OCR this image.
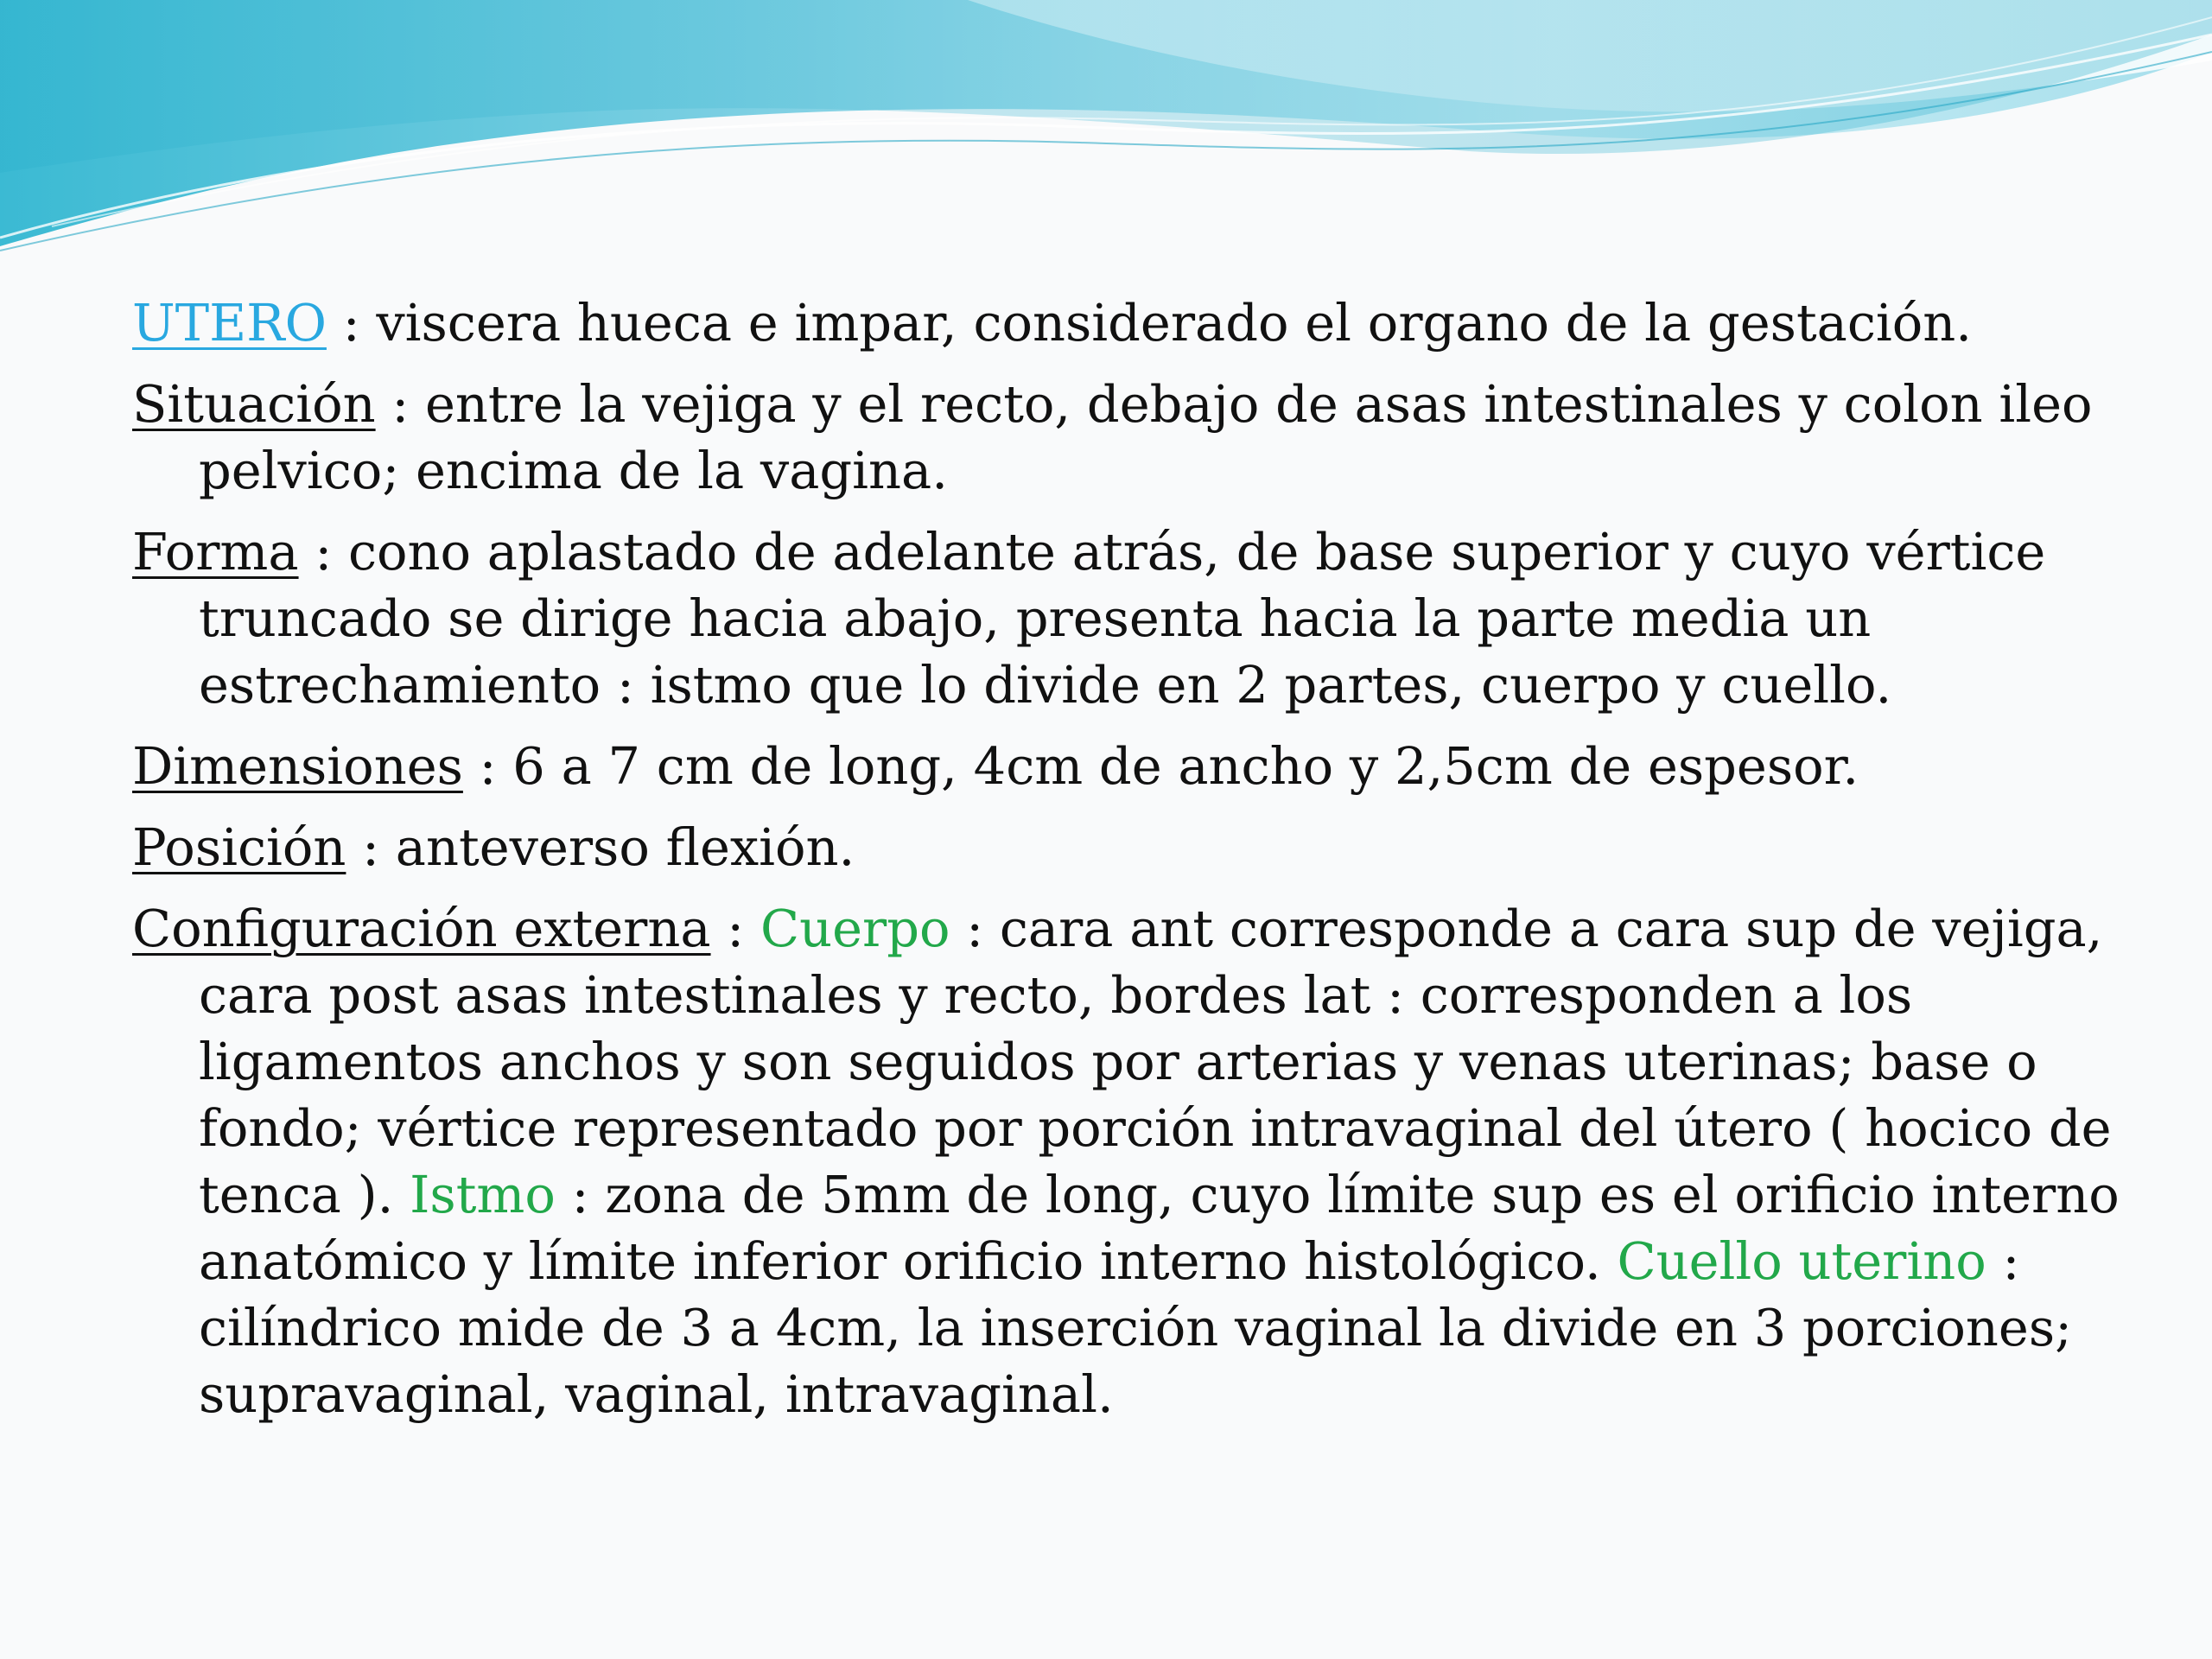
UTERO : viscera hueca e impar, considerado el organo de la gestación.

Situación : entre la vejiga y el recto, debajo de asas intestinales y colon ileo pelvico; encima de la vagina.

Forma : cono aplastado de adelante atrás, de base superior y cuyo vértice truncado se dirige hacia abajo, presenta hacia la parte media un estrechamiento : istmo que lo divide en 2 partes, cuerpo y cuello.

Dimensiones : 6 a 7 cm de long, 4cm de ancho y 2,5cm de espesor.

Posición : anteverso flexión.

Configuración externa : Cuerpo : cara ant corresponde a cara sup de vejiga, cara post asas intestinales y recto, bordes lat : corresponden a los ligamentos anchos y son seguidos por arterias y venas uterinas; base o fondo; vértice representado por porción intravaginal del útero ( hocico de tenca ). Istmo : zona de 5mm de long, cuyo límite sup es el orificio interno anatómico y límite inferior orificio interno histológico. Cuello uterino : cilíndrico mide de 3 a 4cm, la inserción vaginal la divide en 3 porciones; supravaginal, vaginal, intravaginal.
